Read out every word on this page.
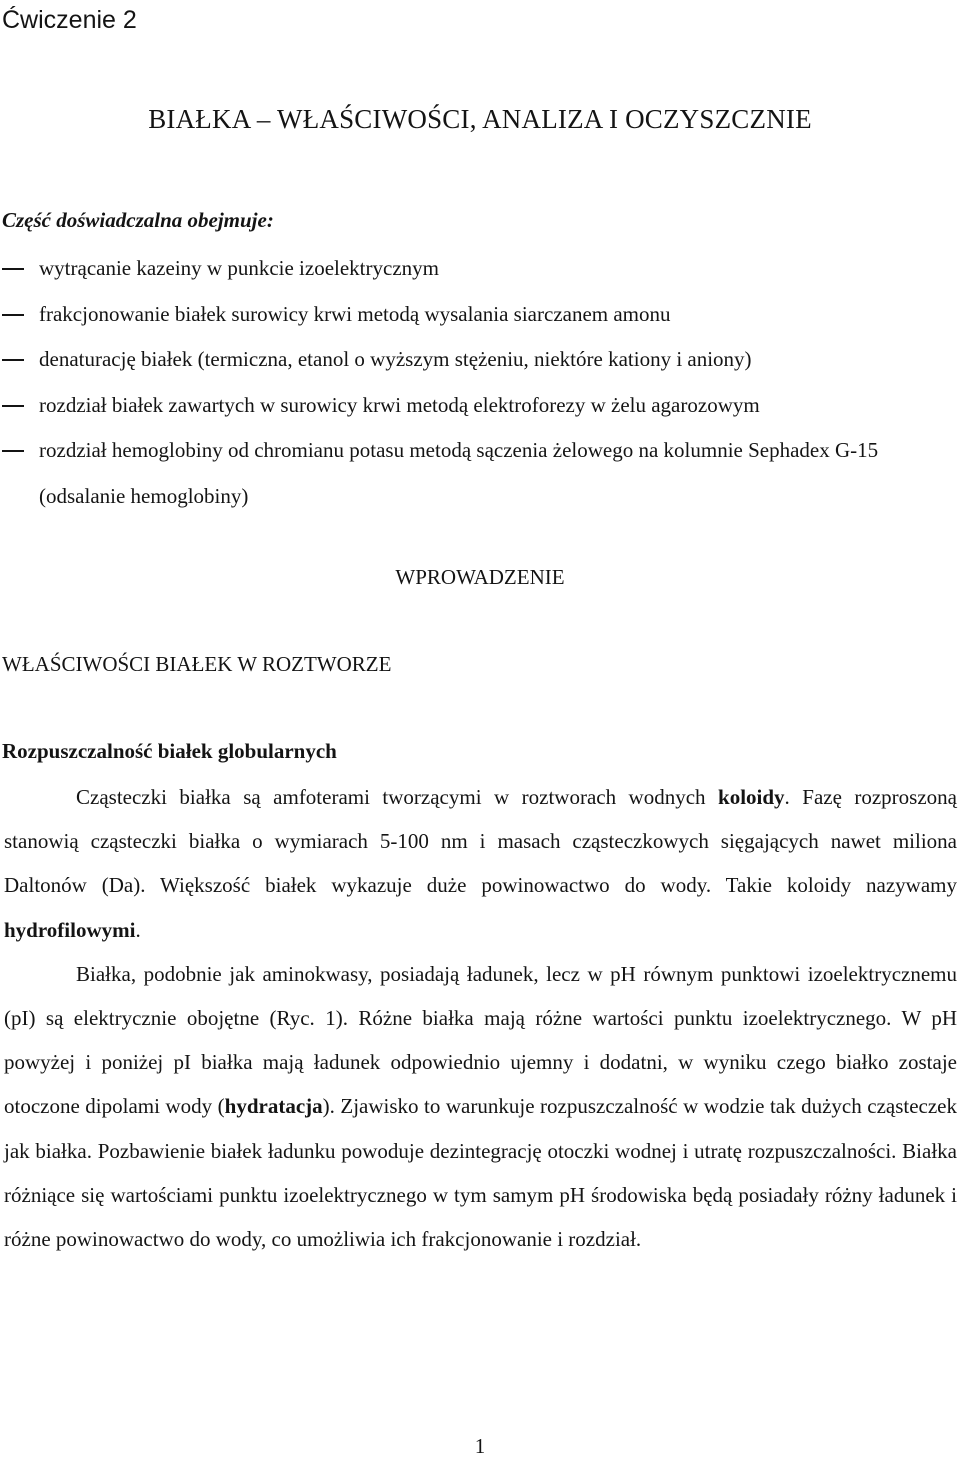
Ćwiczenie 2
BIAŁKA – WŁAŚCIWOŚCI, ANALIZA I OCZYSZCZNIE
Część doświadczalna obejmuje:
wytrącanie kazeiny w punkcie izoelektrycznym
frakcjonowanie białek surowicy krwi metodą wysalania siarczanem amonu
denaturację białek (termiczna, etanol o wyższym stężeniu, niektóre kationy i aniony)
rozdział białek zawartych w surowicy krwi metodą elektroforezy w żelu agarozowym
rozdział hemoglobiny od chromianu potasu metodą sączenia żelowego na kolumnie Sephadex G-15 (odsalanie hemoglobiny)
WPROWADZENIE
WŁAŚCIWOŚCI BIAŁEK W ROZTWORZE
Rozpuszczalność białek globularnych

Cząsteczki białka są amfoterami tworzącymi w roztworach wodnych koloidy. Fazę rozproszoną stanowią cząsteczki białka o wymiarach 5-100 nm i masach cząsteczkowych sięgających nawet miliona Daltonów (Da). Większość białek wykazuje duże powinowactwo do wody. Takie koloidy nazywamy hydrofilowymi.

Białka, podobnie jak aminokwasy, posiadają ładunek, lecz w pH równym punktowi izoelektrycznemu (pI) są elektrycznie obojętne (Ryc. 1). Różne białka mają różne wartości punktu izoelektrycznego. W pH powyżej i poniżej pI białka mają ładunek odpowiednio ujemny i dodatni, w wyniku czego białko zostaje otoczone dipolami wody (hydratacja). Zjawisko to warunkuje rozpuszczalność w wodzie tak dużych cząsteczek jak białka. Pozbawienie białek ładunku powoduje dezintegrację otoczki wodnej i utratę rozpuszczalności. Białka różniące się wartościami punktu izoelektrycznego w tym samym pH środowiska będą posiadały różny ładunek i różne powinowactwo do wody, co umożliwia ich frakcjonowanie i rozdział.

1
